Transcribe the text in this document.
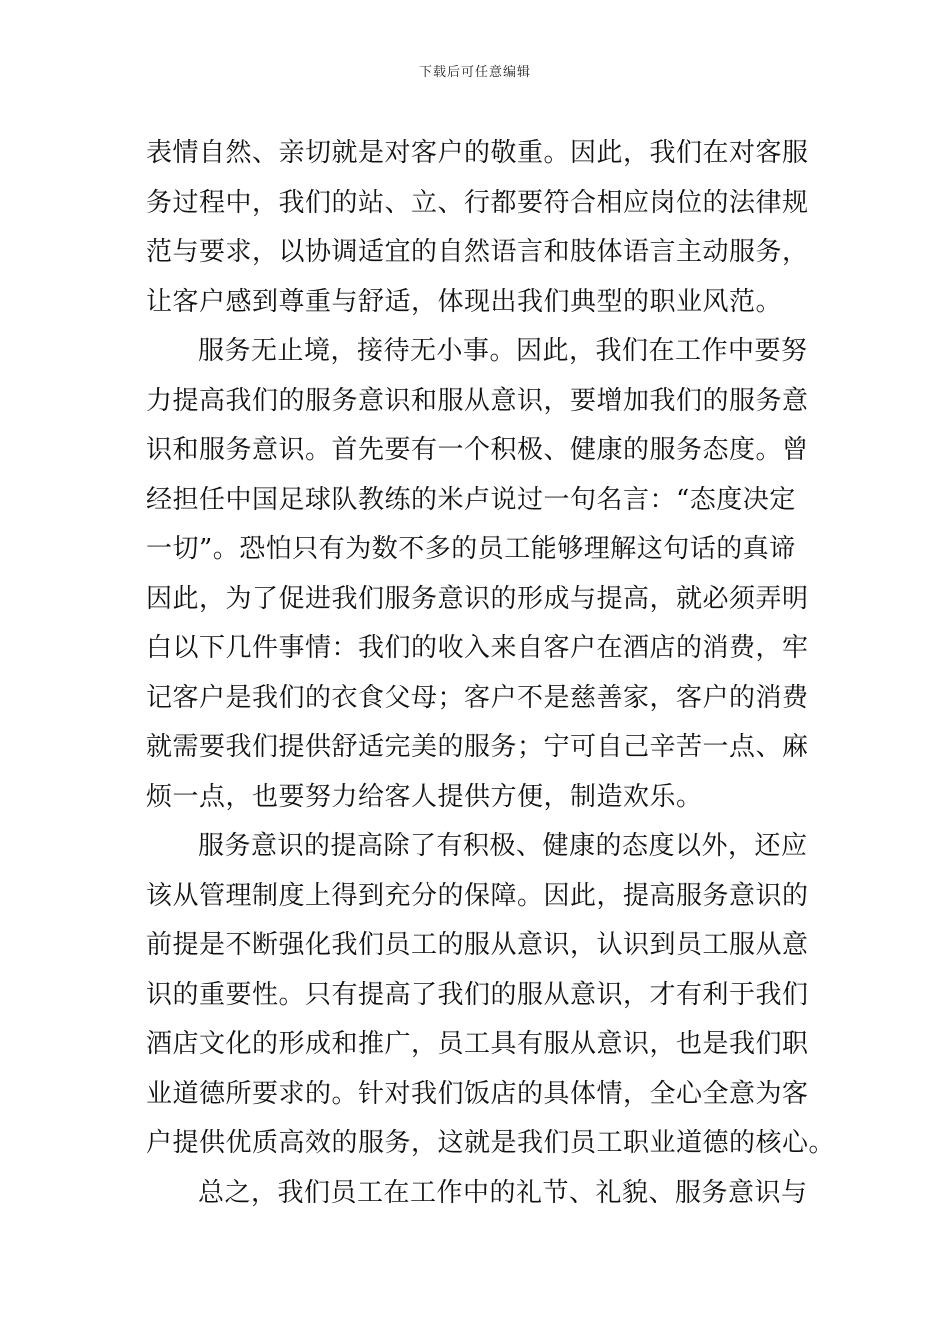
下载后可任意编辑
表情自然、亲切就是对客户的敬重。因此，我们在对客服
务过程中，我们的站、立、行都要符合相应岗位的法律规
范与要求，以协调适宜的自然语言和肢体语言主动服务，
让客户感到尊重与舒适，体现出我们典型的职业风范。
服务无止境，接待无小事。因此，我们在工作中要努
力提高我们的服务意识和服从意识，要增加我们的服务意
识和服务意识。首先要有一个积极、健康的服务态度。曾
经担任中国足球队教练的米卢说过一句名言：“态度决定
一切”。恐怕只有为数不多的员工能够理解这句话的真谛
因此，为了促进我们服务意识的形成与提高，就必须弄明
白以下几件事情：我们的收入来自客户在酒店的消费，牢
记客户是我们的衣食父母；客户不是慈善家，客户的消费
就需要我们提供舒适完美的服务；宁可自己辛苦一点、麻
烦一点，也要努力给客人提供方便，制造欢乐。
服务意识的提高除了有积极、健康的态度以外，还应
该从管理制度上得到充分的保障。因此，提高服务意识的
前提是不断强化我们员工的服从意识，认识到员工服从意
识的重要性。只有提高了我们的服从意识，才有利于我们
酒店文化的形成和推广，员工具有服从意识，也是我们职
业道德所要求的。针对我们饭店的具体情，全心全意为客
户提供优质高效的服务，这就是我们员工职业道德的核心。
总之，我们员工在工作中的礼节、礼貌、服务意识与
